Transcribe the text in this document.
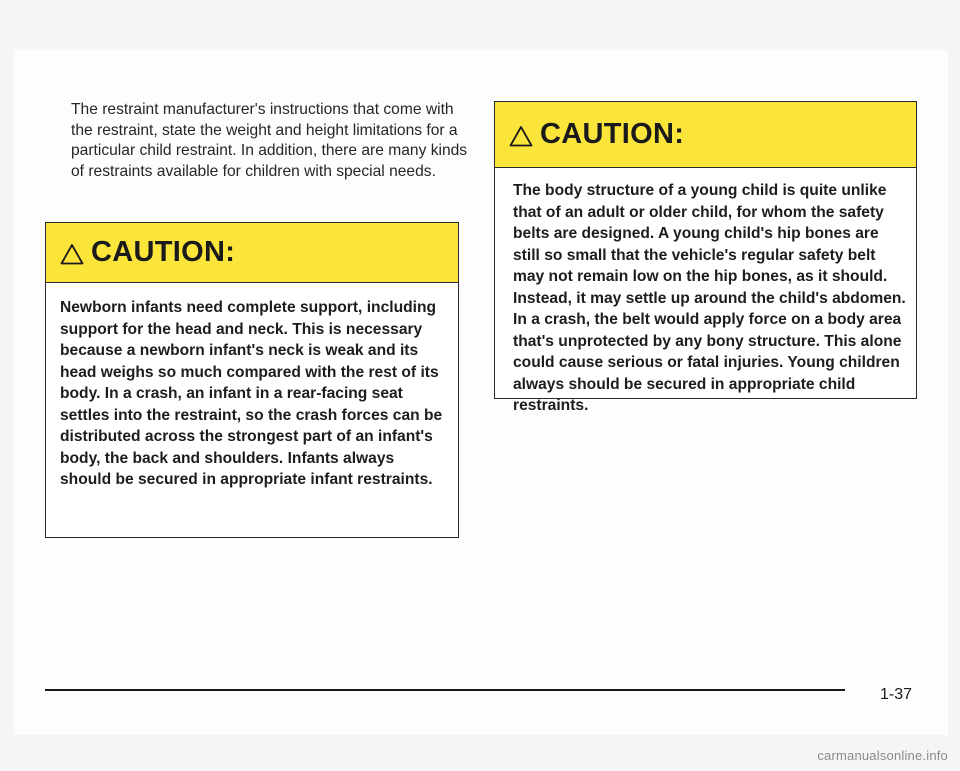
The restraint manufacturer's instructions that come with the restraint, state the weight and height limitations for a particular child restraint. In addition, there are many kinds of restraints available for children with special needs.

CAUTION:

Newborn infants need complete support, including support for the head and neck. This is necessary because a newborn infant's neck is weak and its head weighs so much compared with the rest of its body. In a crash, an infant in a rear-facing seat settles into the restraint, so the crash forces can be distributed across the strongest part of an infant's body, the back and shoulders. Infants always should be secured in appropriate infant restraints.

CAUTION:

The body structure of a young child is quite unlike that of an adult or older child, for whom the safety belts are designed. A young child's hip bones are still so small that the vehicle's regular safety belt may not remain low on the hip bones, as it should. Instead, it may settle up around the child's abdomen. In a crash, the belt would apply force on a body area that's unprotected by any bony structure. This alone could cause serious or fatal injuries. Young children always should be secured in appropriate child restraints.

1-37
carmanualsonline.info
